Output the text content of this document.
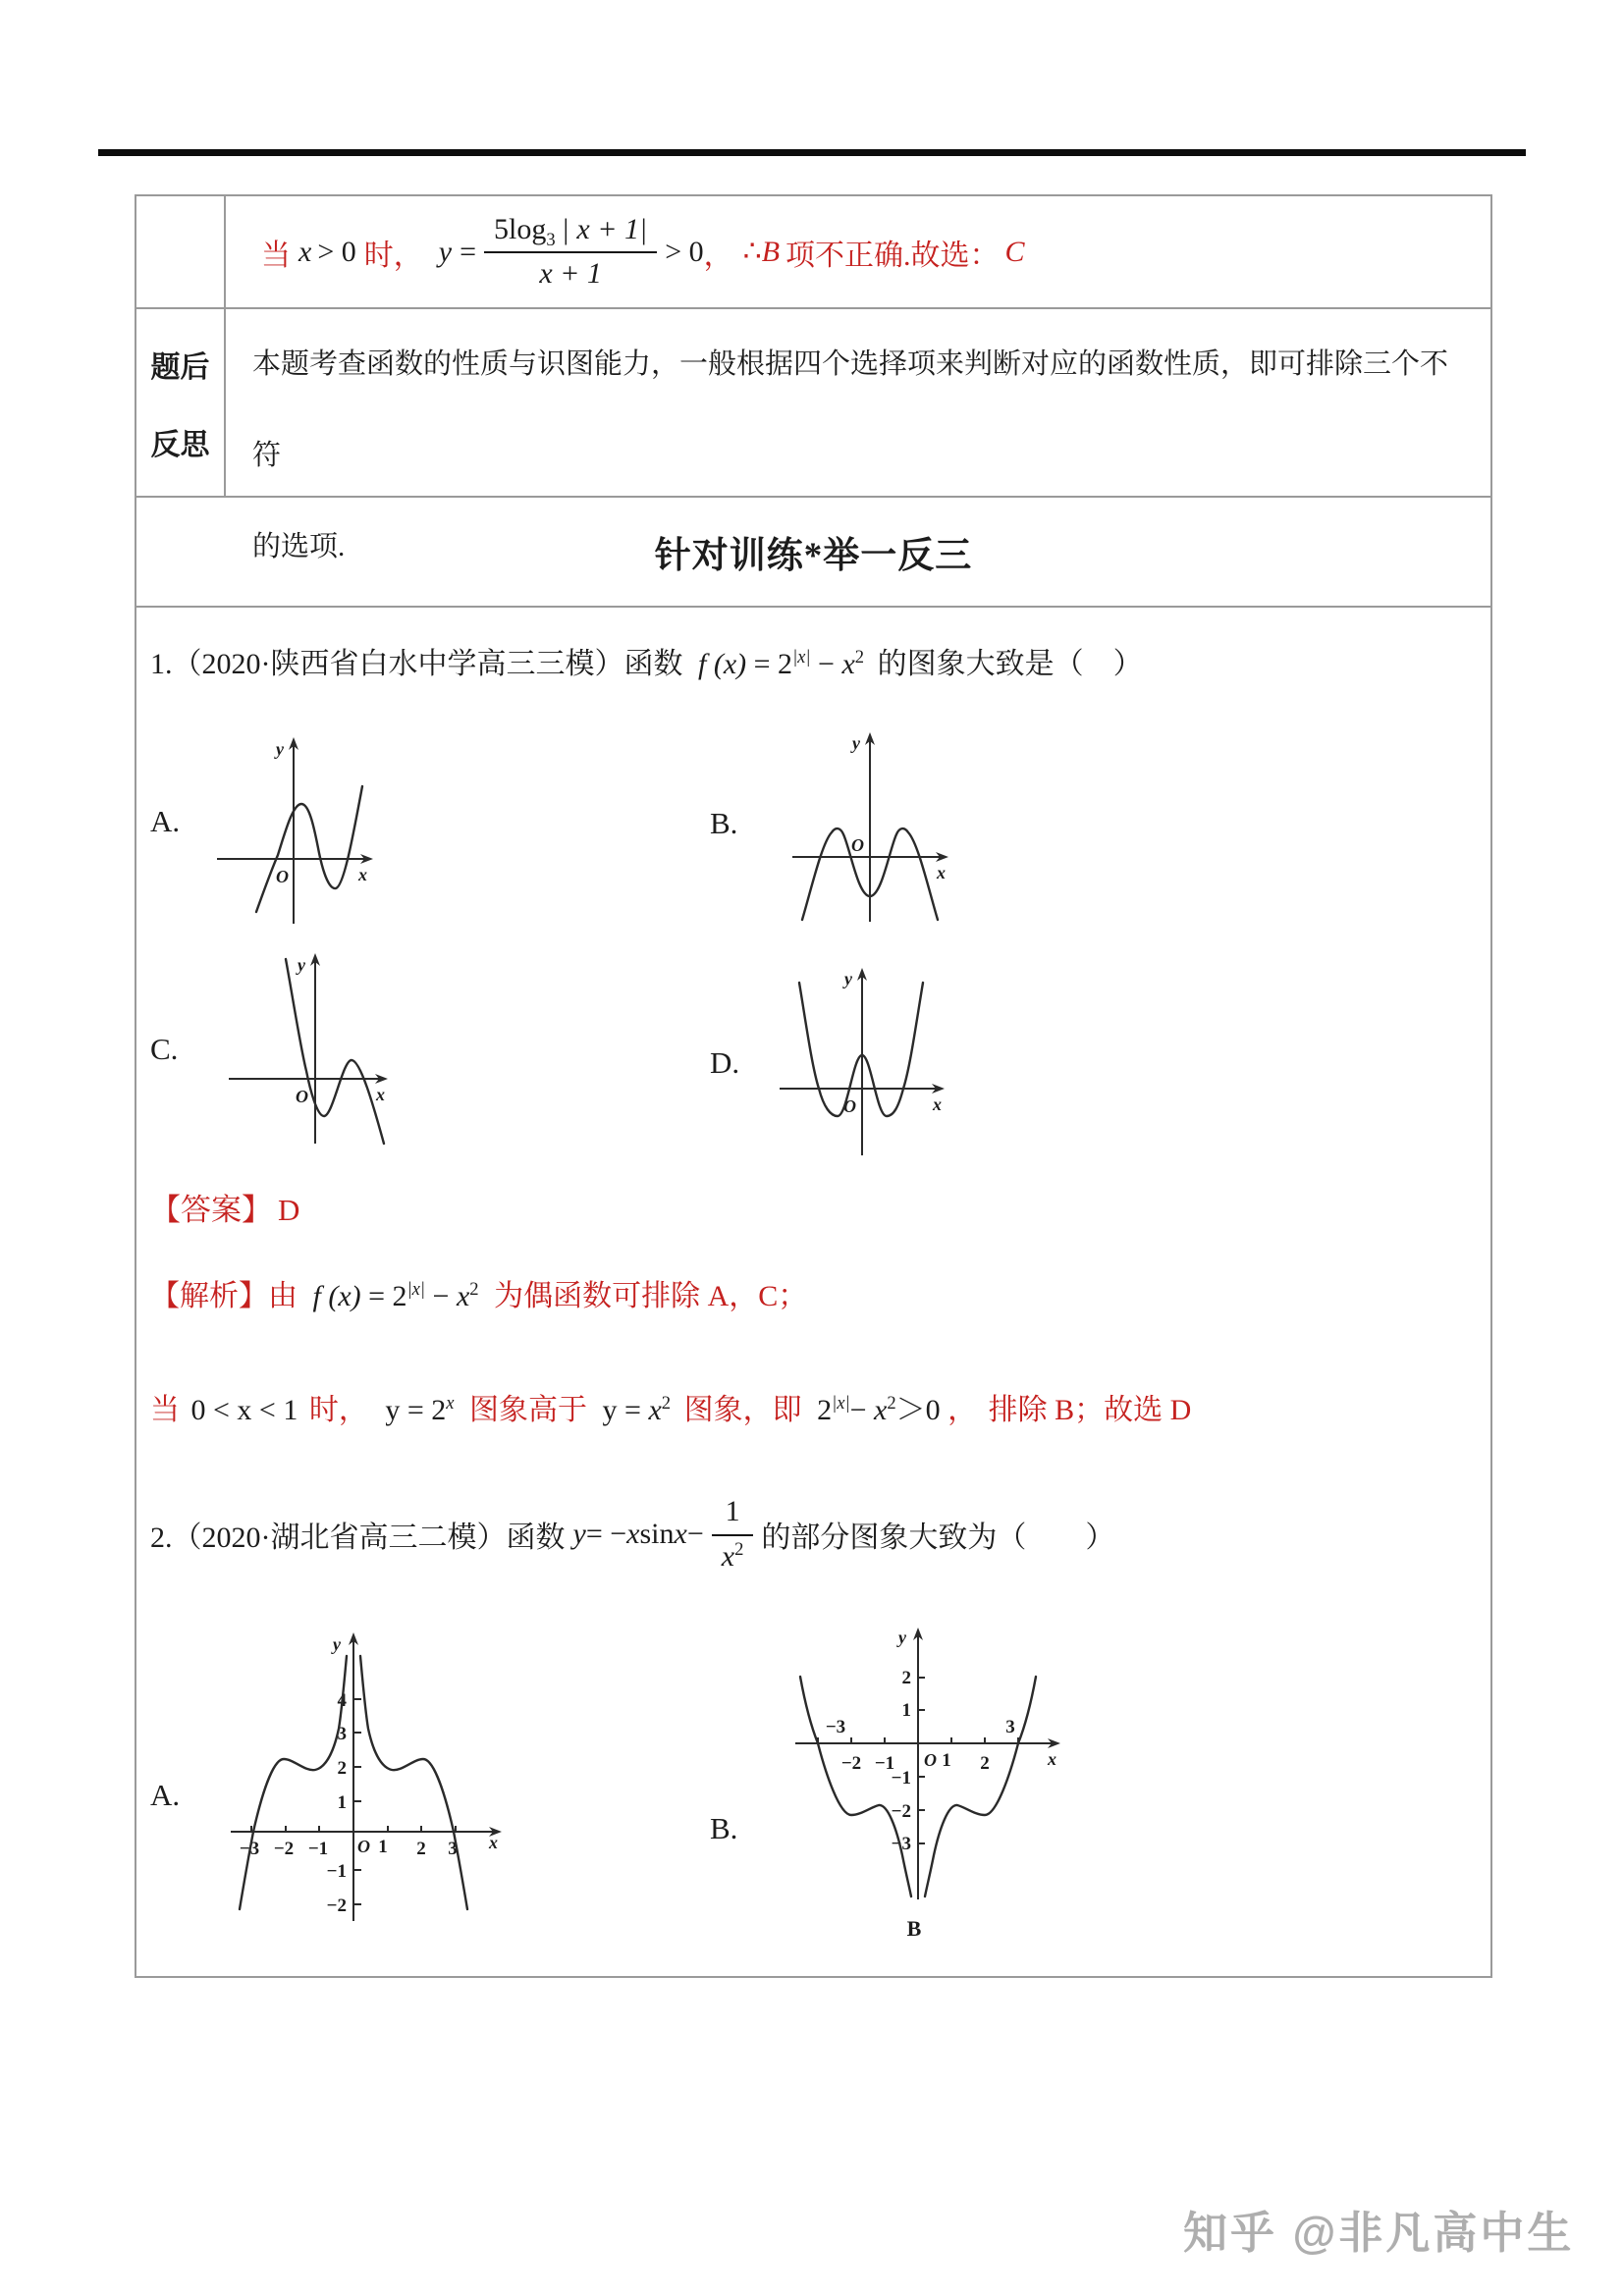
当 x > 0 时， $y = \frac{5\log_3 | x + 1|}{x + 1} > 0$ ， ∴ B 项不正确.故选： C
题后
反思
本题考查函数的性质与识图能力，一般根据四个选择项来判断对应的函数性质，即可排除三个不符
的选项.	针对训练*举一反三
1.（2020·陕西省白水中学高三三模）函数 f $(x) = 2^{|x|} - x^2$ 的图象大致是（　）
A.
y
x
O
B.
y
x
O
C.
y
x
O
D.
y
x
O
【答案】 D
【解析】由 f $(x) = 2^{|x|} - x^2$ 为偶函数可排除 A，C；
当 0 < x < 1 时， $y = 2^x$ 图象高于 $y = x^2$ 图象，即 $2^{|x|}- x^2>0$ ， 排除 B；故选 D
2.（2020·湖北省高三二模）函数 y = − x $\sin x - \frac{1}{x^2}$ 的部分图象大致为（　　）
A.
y
x
4
3
2
1
−1
−2
−3 −2 −1	1 2 3
O
B.
y
x
2
1
−1
−2
−3
−3
−2 −1	1 2
3
O
B
知乎 @非凡高中生
